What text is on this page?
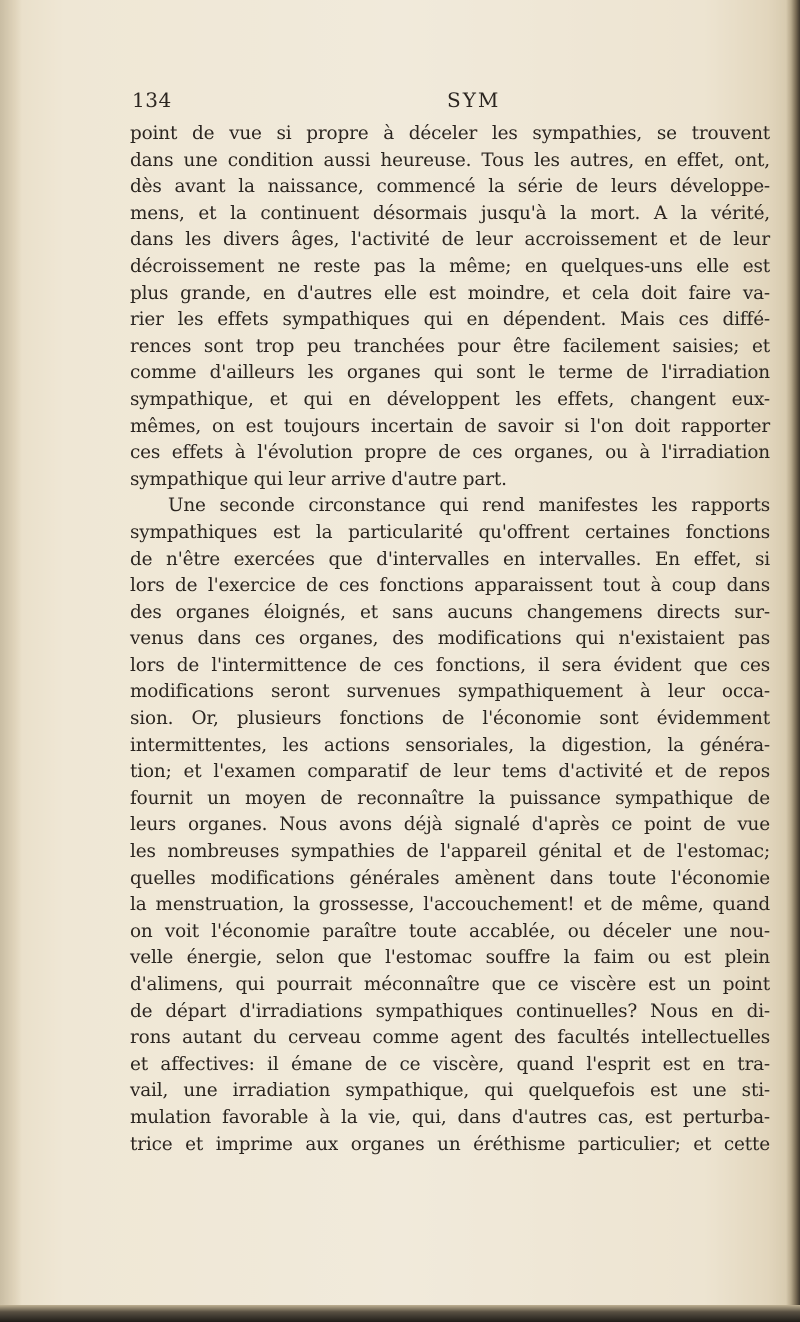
134	SYM
point de vue si propre à déceler les sympathies, se trouvent
dans une condition aussi heureuse. Tous les autres, en effet, ont,
dès avant la naissance, commencé la série de leurs développe-
mens, et la continuent désormais jusqu'à la mort. A la vérité,
dans les divers âges, l'activité de leur accroissement et de leur
décroissement ne reste pas la même; en quelques-uns elle est
plus grande, en d'autres elle est moindre, et cela doit faire va-
rier les effets sympathiques qui en dépendent. Mais ces diffé-
rences sont trop peu tranchées pour être facilement saisies; et
comme d'ailleurs les organes qui sont le terme de l'irradiation
sympathique, et qui en développent les effets, changent eux-
mêmes, on est toujours incertain de savoir si l'on doit rapporter
ces effets à l'évolution propre de ces organes, ou à l'irradiation
sympathique qui leur arrive d'autre part.
Une seconde circonstance qui rend manifestes les rapports
sympathiques est la particularité qu'offrent certaines fonctions
de n'être exercées que d'intervalles en intervalles. En effet, si
lors de l'exercice de ces fonctions apparaissent tout à coup dans
des organes éloignés, et sans aucuns changemens directs sur-
venus dans ces organes, des modifications qui n'existaient pas
lors de l'intermittence de ces fonctions, il sera évident que ces
modifications seront survenues sympathiquement à leur occa-
sion. Or, plusieurs fonctions de l'économie sont évidemment
intermittentes, les actions sensoriales, la digestion, la généra-
tion; et l'examen comparatif de leur tems d'activité et de repos
fournit un moyen de reconnaître la puissance sympathique de
leurs organes. Nous avons déjà signalé d'après ce point de vue
les nombreuses sympathies de l'appareil génital et de l'estomac;
quelles modifications générales amènent dans toute l'économie
la menstruation, la grossesse, l'accouchement! et de même, quand
on voit l'économie paraître toute accablée, ou déceler une nou-
velle énergie, selon que l'estomac souffre la faim ou est plein
d'alimens, qui pourrait méconnaître que ce viscère est un point
de départ d'irradiations sympathiques continuelles? Nous en di-
rons autant du cerveau comme agent des facultés intellectuelles
et affectives: il émane de ce viscère, quand l'esprit est en tra-
vail, une irradiation sympathique, qui quelquefois est une sti-
mulation favorable à la vie, qui, dans d'autres cas, est perturba-
trice et imprime aux organes un éréthisme particulier; et cette
